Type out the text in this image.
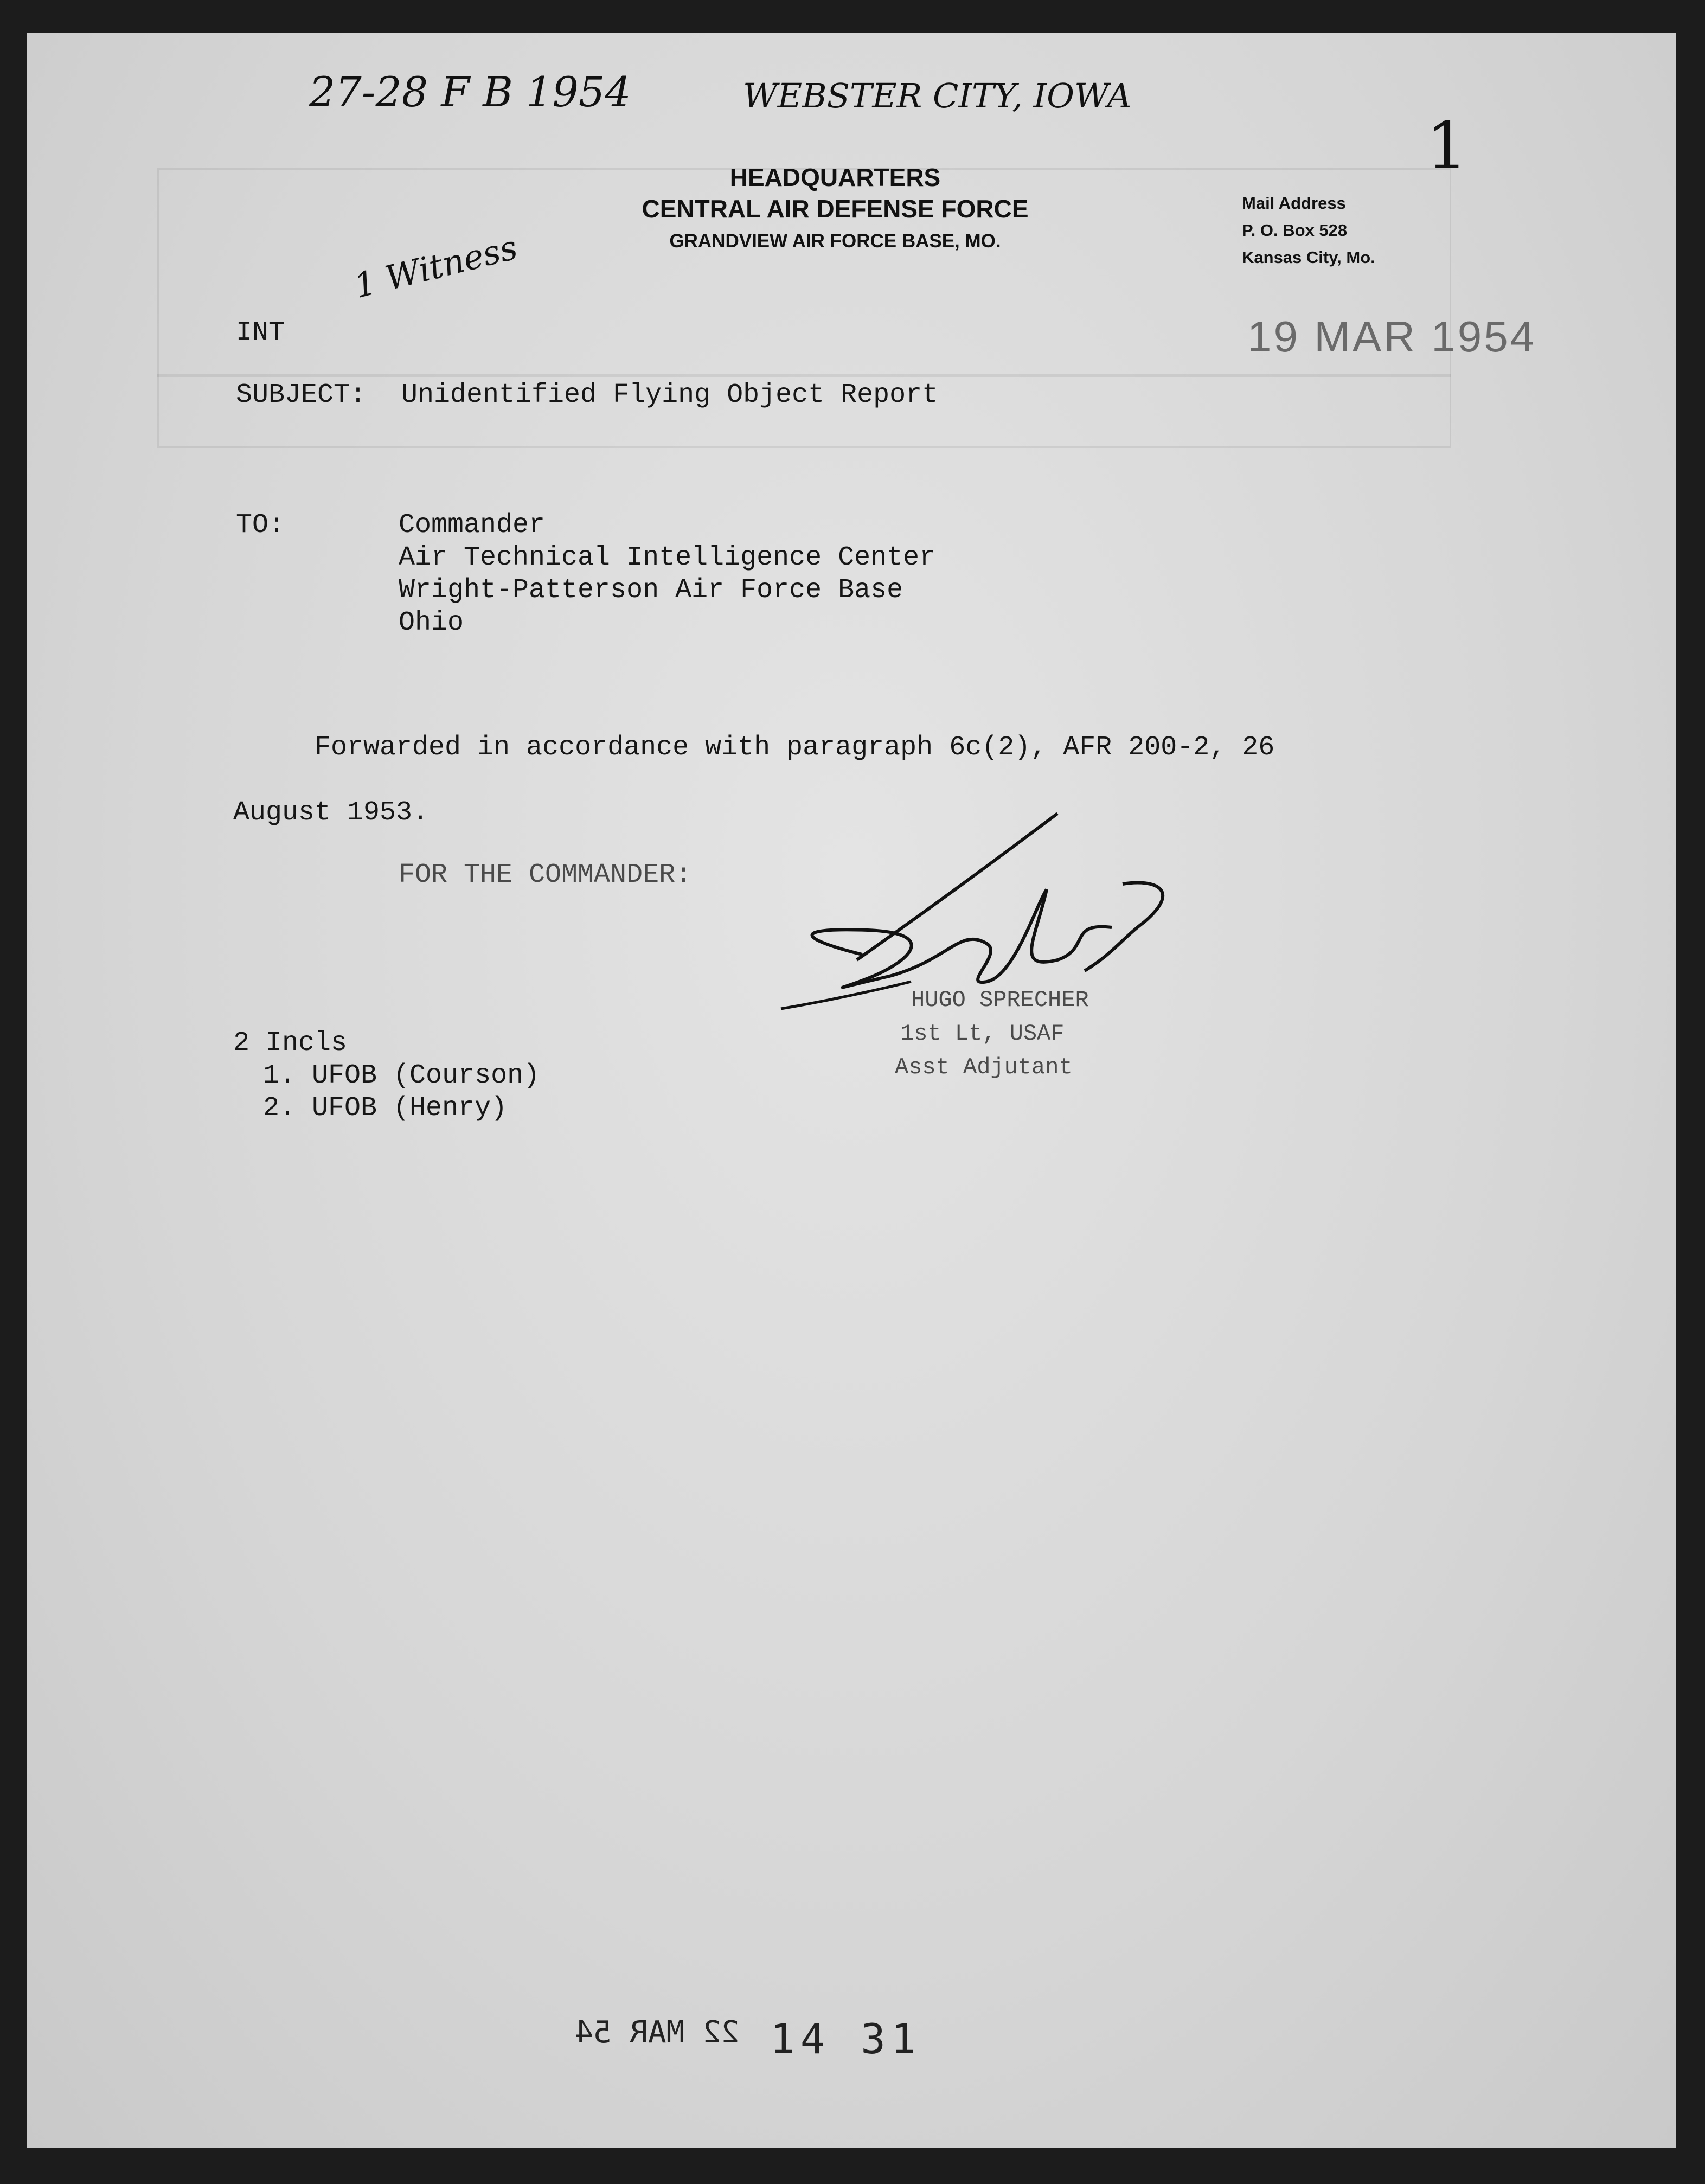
27-28 F B 1954	WEBSTER CITY, IOWA
1
1 Witness
HEADQUARTERS
CENTRAL AIR DEFENSE FORCE
GRANDVIEW AIR FORCE BASE, MO.
Mail Address
P. O. Box 528
Kansas City, Mo.
19 MAR 1954
INT
SUBJECT: Unidentified Flying Object Report
TO:	Commander
Air Technical Intelligence Center
Wright-Patterson Air Force Base
Ohio
Forwarded in accordance with paragraph 6c(2), AFR 200-2, 26
August 1953.
FOR THE COMMANDER:
HUGO SPRECHER
1st Lt, USAF
Asst Adjutant
2 Incls
1. UFOB (Courson)
2. UFOB (Henry)
22 MAR 54 14 31
